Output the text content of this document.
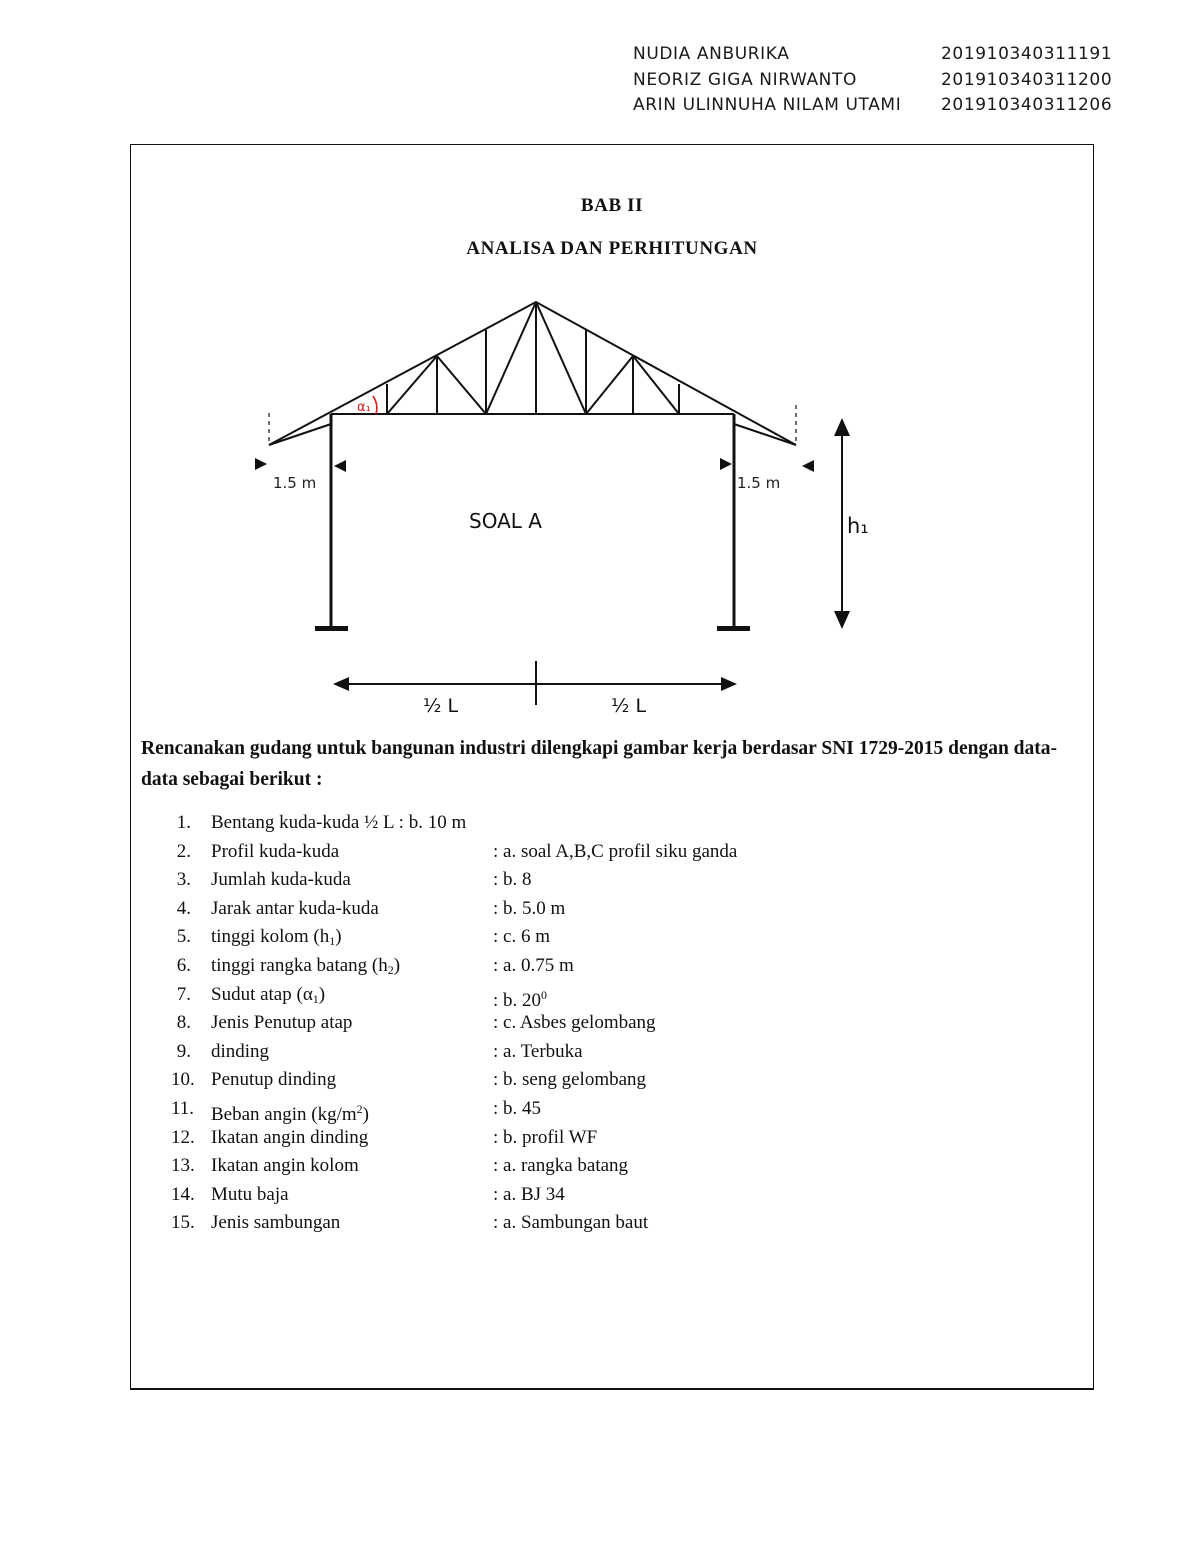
NUDIA ANBURIKA	201910340311191
NEORIZ GIGA NIRWANTO	201910340311200
ARIN ULINNUHA NILAM UTAMI 201910340311206
BAB II
ANALISA DAN PERHITUNGAN
α₁
1.5 m	1.5 m
SOAL A	h₁
½ L	½ L
Rencanakan gudang untuk bangunan industri dilengkapi gambar kerja berdasar SNI 1729-2015 dengan data-data sebagai berikut :
1. Bentang kuda-kuda ½ L : b. 10 m
2. Profil kuda-kuda	: a. soal A,B,C profil siku ganda
3. Jumlah kuda-kuda	: b. 8
4. Jarak antar kuda-kuda	: b. 5.0 m
5. tinggi kolom $(h_1)$	: c. 6 m
6. tinggi rangka batang $(h_2)$	: a. 0.75 m
7. Sudut atap $(\alpha_1)$	: b. $20^0$
8. Jenis Penutup atap	: c. Asbes gelombang
9. dinding	: a. Terbuka
10. Penutup dinding	: b. seng gelombang
11. Beban angin $(kg/m^2)$	: b. 45
12. Ikatan angin dinding	: b. profil WF
13. Ikatan angin kolom	: a. rangka batang
14. Mutu baja	: a. BJ 34
15. Jenis sambungan	: a. Sambungan baut
